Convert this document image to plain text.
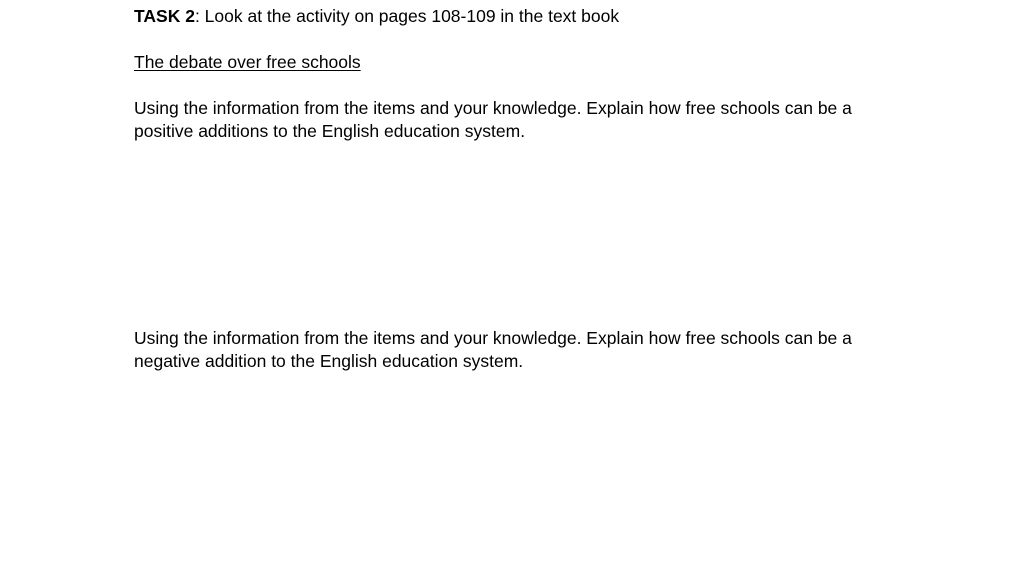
TASK 2: Look at the activity on pages 108-109 in the text book

The debate over free schools

Using the information from the items and your knowledge. Explain how free schools can be a positive additions to the English education system.

Using the information from the items and your knowledge. Explain how free schools can be a negative addition to the English education system.
